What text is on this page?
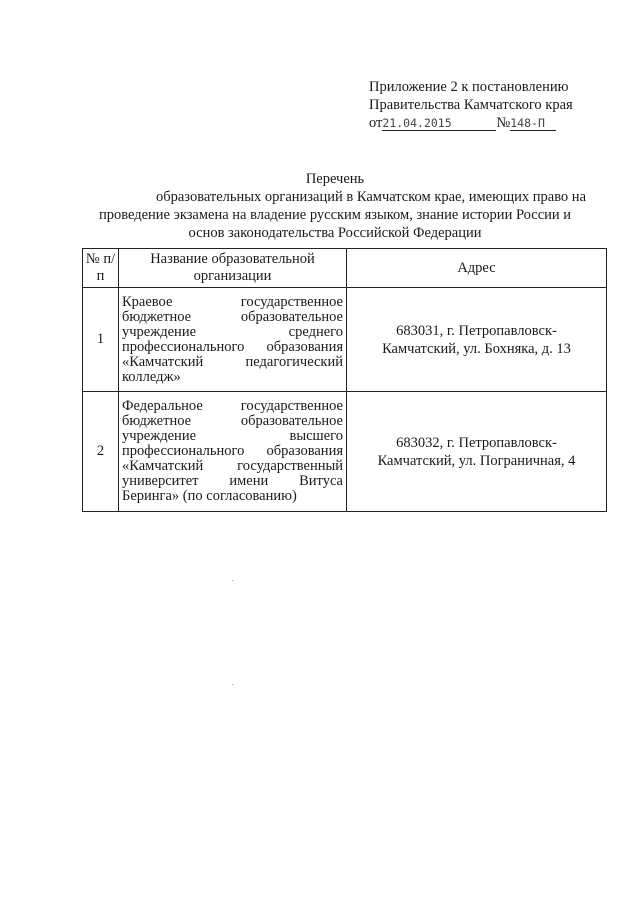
Приложение 2 к постановлению
Правительства Камчатского края
от21.04.2015	№148-П
Перечень
образовательных организаций в Камчатском крае, имеющих право на
проведение экзамена на владение русским языком, знание истории России и
основ законодательства Российской Федерации
№ п/п	Название образовательной организации	Адрес
1	Краевое государственное бюджетное образовательное учреждение среднего профессионального образования «Камчатский педагогический колледж»	683031, г. Петропавловск-Камчатский, ул. Бохняка, д. 13
2	Федеральное государственное бюджетное образовательное учреждение высшего профессионального образования «Камчатский государственный университет имени Витуса Беринга» (по согласованию)	683032, г. Петропавловск-Камчатский, ул. Пограничная, 4
